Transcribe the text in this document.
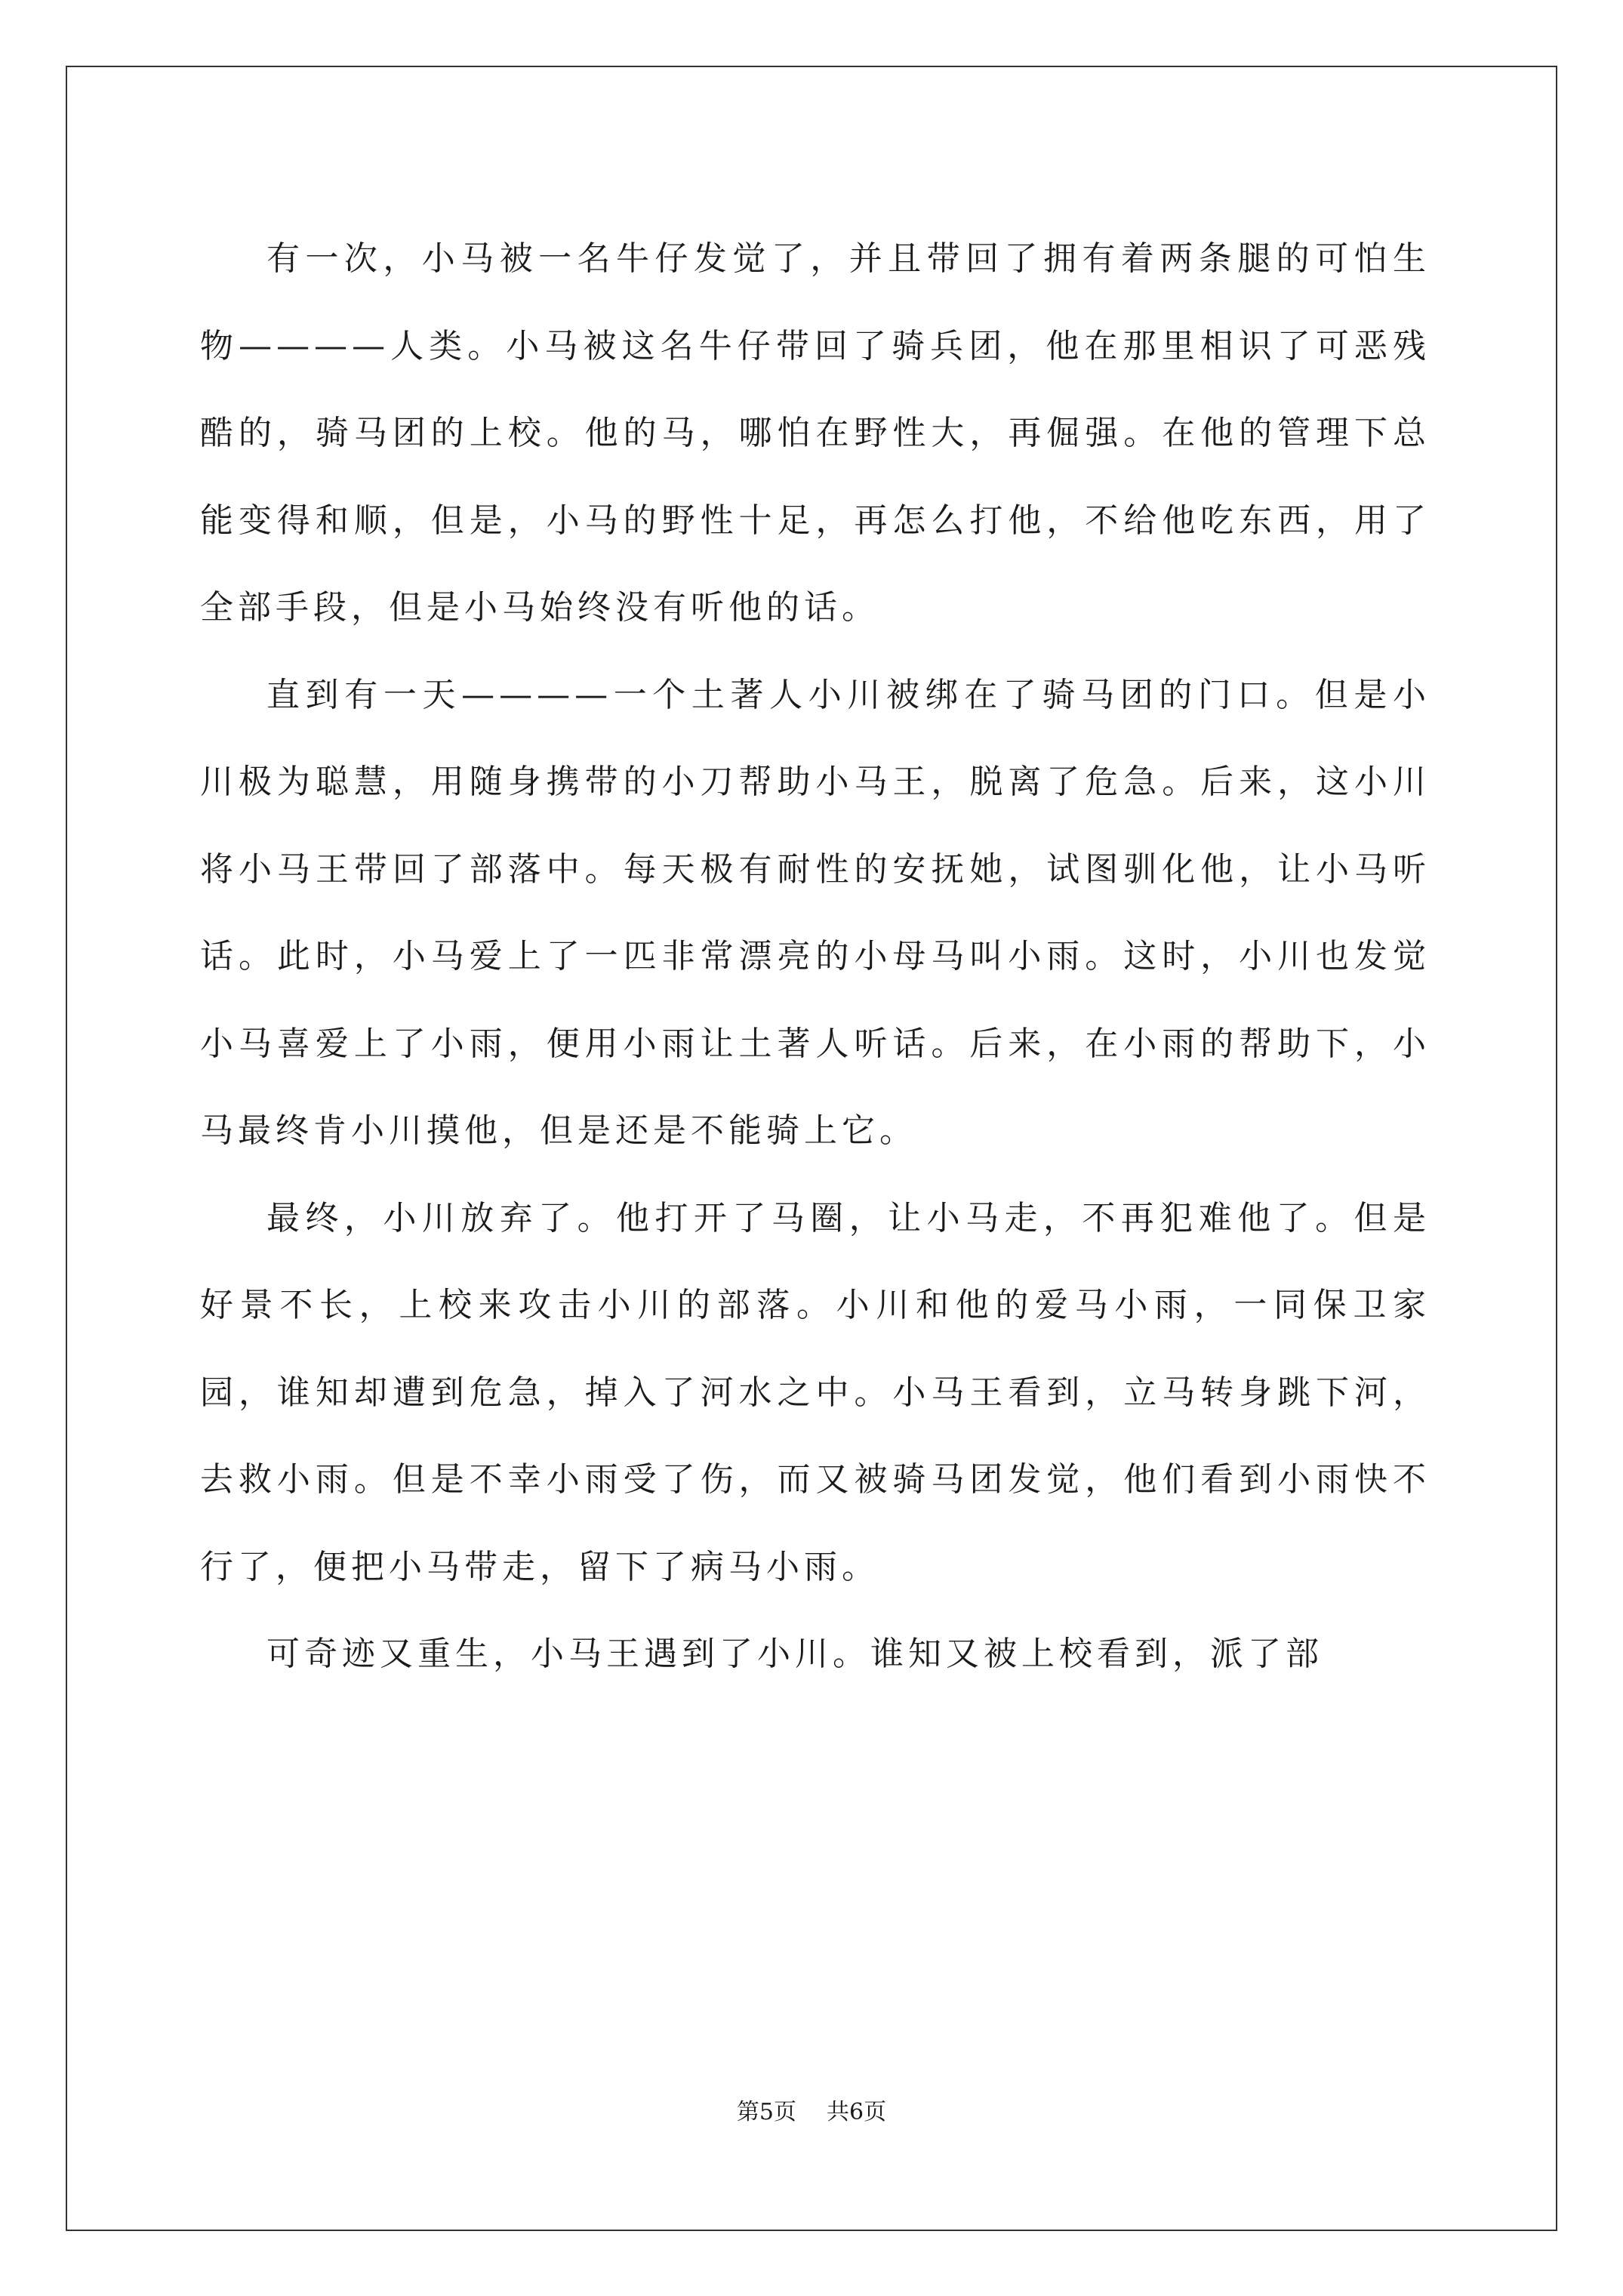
有一次，小马被一名牛仔发觉了，并且带回了拥有着两条腿的可怕生物————人类。小马被这名牛仔带回了骑兵团，他在那里相识了可恶残酷的，骑马团的上校。他的马，哪怕在野性大，再倔强。在他的管理下总能变得和顺，但是，小马的野性十足，再怎么打他，不给他吃东西，用了全部手段，但是小马始终没有听他的话。

直到有一天————一个土著人小川被绑在了骑马团的门口。但是小川极为聪慧，用随身携带的小刀帮助小马王，脱离了危急。后来，这小川将小马王带回了部落中。每天极有耐性的安抚她，试图驯化他，让小马听话。此时，小马爱上了一匹非常漂亮的小母马叫小雨。这时，小川也发觉小马喜爱上了小雨，便用小雨让土著人听话。后来，在小雨的帮助下，小马最终肯小川摸他，但是还是不能骑上它。

最终，小川放弃了。他打开了马圈，让小马走，不再犯难他了。但是好景不长，上校来攻击小川的部落。小川和他的爱马小雨，一同保卫家园，谁知却遭到危急，掉入了河水之中。小马王看到，立马转身跳下河，去救小雨。但是不幸小雨受了伤，而又被骑马团发觉，他们看到小雨快不行了，便把小马带走，留下了病马小雨。

可奇迹又重生，小马王遇到了小川。谁知又被上校看到，派了部

第5页 共6页
